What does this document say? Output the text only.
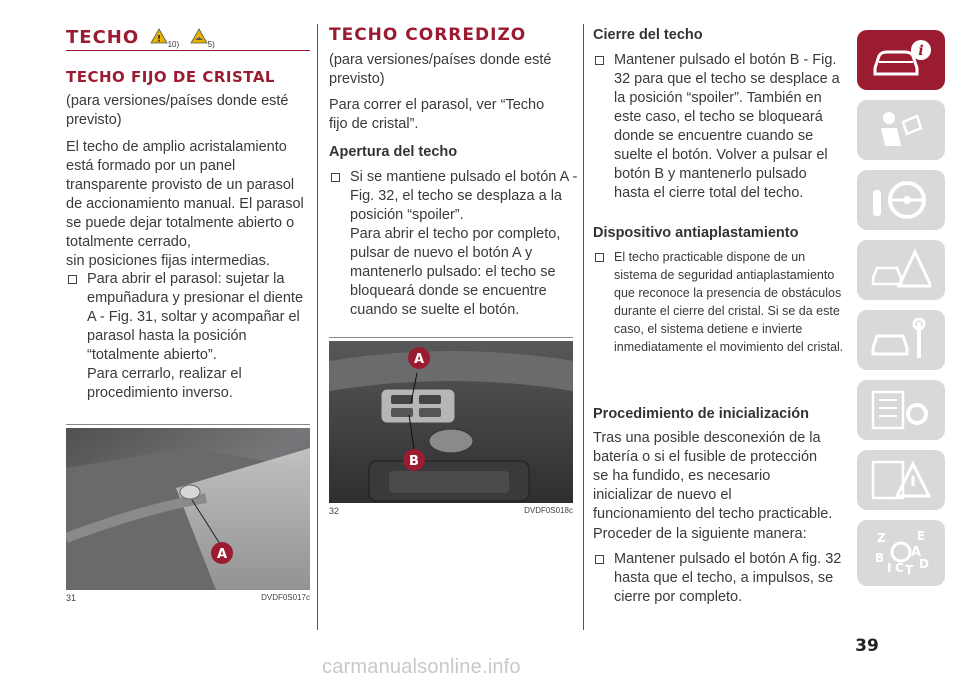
TECHO ! 10)	5)
TECHO FIJO DE CRISTAL
(para versiones/países donde esté previsto)
El techo de amplio acristalamiento está formado por un panel transparente provisto de un parasol de accionamiento manual. El parasol se puede dejar totalmente abierto o totalmente cerrado,
sin posiciones fijas intermedias.
Para abrir el parasol: sujetar la empuñadura y presionar el diente A - Fig. 31, soltar y acompañar el parasol hasta la posición “totalmente abierto”.
Para cerrarlo, realizar el procedimiento inverso.
A
31	DVDF0S017c
TECHO CORREDIZO
(para versiones/países donde esté previsto)
Para correr el parasol, ver “Techo fijo de cristal”.
Apertura del techo
Si se mantiene pulsado el botón A - Fig. 32, el techo se desplaza a la posición “spoiler”.
Para abrir el techo por completo, pulsar de nuevo el botón A y mantenerlo pulsado: el techo se bloqueará donde se encuentre cuando se suelte el botón.
A
B
32	DVDF0S018c
Cierre del techo
Mantener pulsado el botón B - Fig. 32 para que el techo se desplace a la posición “spoiler”. También en este caso, el techo se bloqueará donde se encuentre cuando se suelte el botón. Volver a pulsar el botón B y mantenerlo pulsado hasta el cierre total del techo.
Dispositivo antiaplastamiento
El techo practicable dispone de un sistema de seguridad antiaplastamiento que reconoce la presencia de obstáculos durante el cierre del cristal. Si se da este caso, el sistema detiene e invierte inmediatamente el movimiento del cristal.
Procedimiento de inicialización
Tras una posible desconexión de la batería o si el fusible de protección se ha fundido, es necesario inicializar de nuevo el funcionamiento del techo practicable.
Proceder de la siguiente manera:
Mantener pulsado el botón A fig. 32 hasta que el techo, a impulsos, se cierre por completo.
i
Z	E
A
B
C D
I T
39
carmanualsonline.info
